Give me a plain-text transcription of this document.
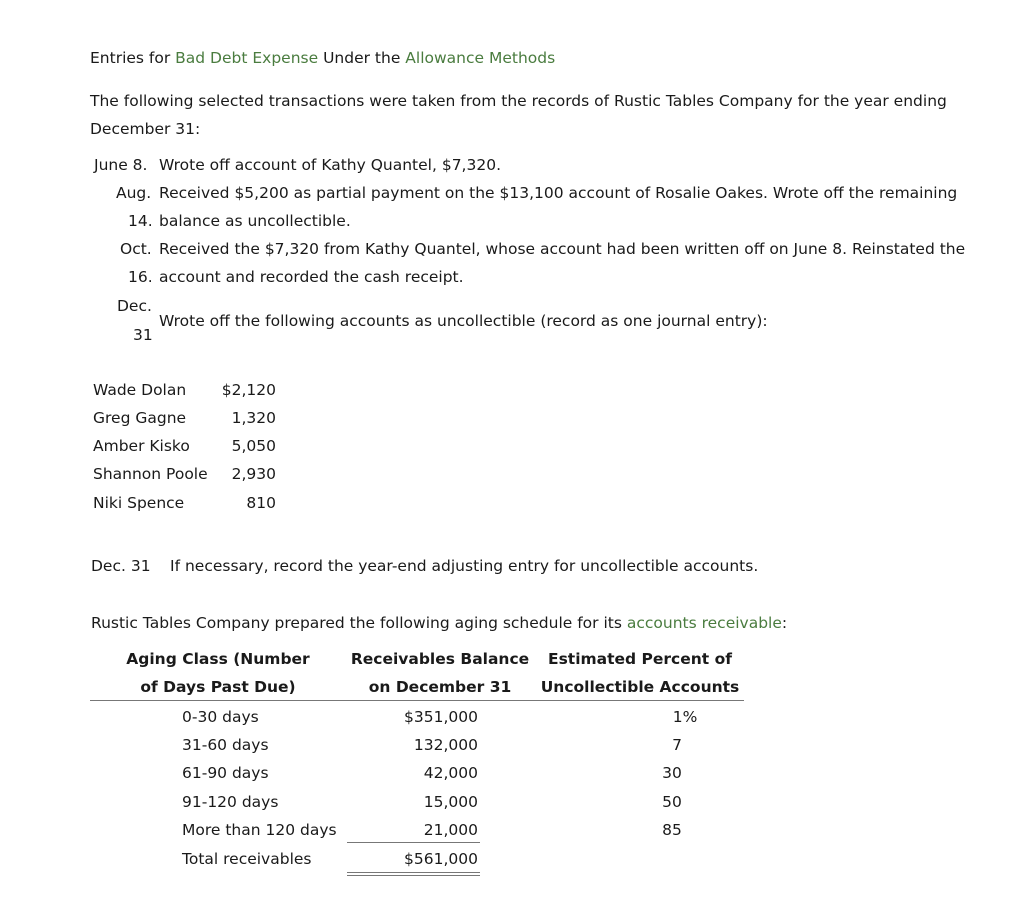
Entries for Bad Debt Expense Under the Allowance Methods
The following selected transactions were taken from the records of Rustic Tables Company for the year ending
December 31:
June 8. Wrote off account of Kathy Quantel, $7,320.
Aug. Received $5,200 as partial payment on the $13,100 account of Rosalie Oakes. Wrote off the remaining
14. balance as uncollectible.
Oct. Received the $7,320 from Kathy Quantel, whose account had been written off on June 8. Reinstated the
16. account and recorded the cash receipt.
Dec.
31
Wrote off the following accounts as uncollectible (record as one journal entry):
Wade Dolan	$2,120
Greg Gagne	1,320
Amber Kisko	5,050
Shannon Poole	2,930
Niki Spence	810
Dec. 31 If necessary, record the year-end adjusting entry for uncollectible accounts.
Rustic Tables Company prepared the following aging schedule for its accounts receivable:
Aging Class (Number
of Days Past Due)
Receivables Balance
on December 31
Estimated Percent of
Uncollectible Accounts
0-30 days	$351,000	1%
31-60 days	132,000	7
61-90 days	42,000	30
91-120 days	15,000	50
More than 120 days	21,000	85
Total receivables	$561,000
